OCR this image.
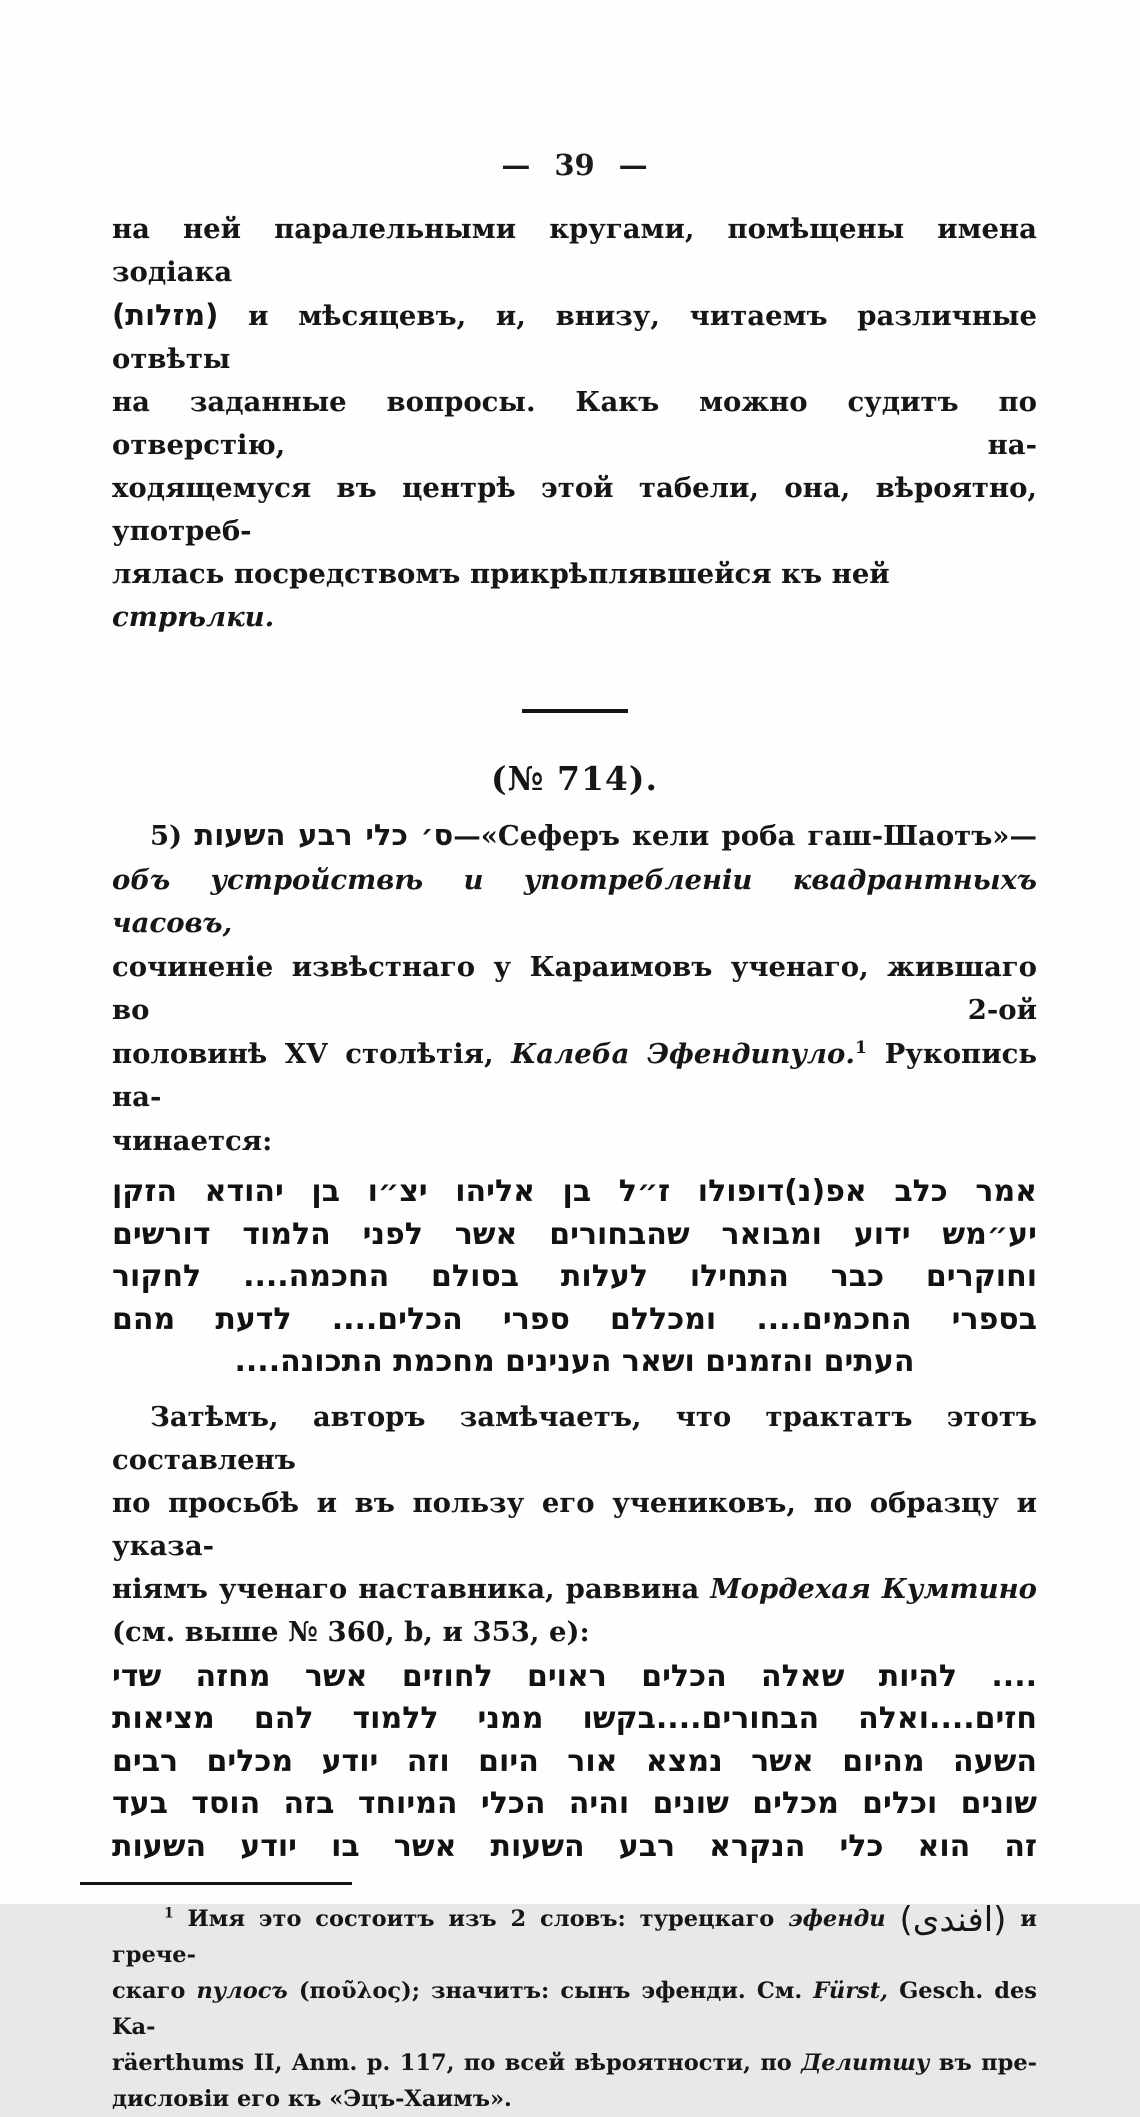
— 39 —
на ней паралельными кругами, помѣщены имена зодіака
(מזלות) и мѣсяцевъ, и, внизу, читаемъ различные отвѣты
на заданные вопросы. Какъ можно судитъ по отверстію, на-
ходящемуся въ центрѣ этой табели, она, вѣроятно, употреб-
лялась посредствомъ прикрѣплявшейся къ ней стрѣлки.
(№ 714).
5) ס׳ כלי רבע השעות—«Сеферъ кели роба гаш-Шаотъ»—
объ устройствѣ и употребленіи квадрантныхъ часовъ,
сочиненіе извѣстнаго у Караимовъ ученаго, жившаго во 2-ой
половинѣ XV столѣтія, Калеба Эфендипуло.$^1$ Рукопись на-
чинается:
אמר כלב אפ(נ)דופולו ז״ל בן אליהו יצ״ו בן יהודא הזקן
יע״מש ידוע ומבואר שהבחורים אשר לפני הלמוד דורשים
וחוקרים כבר התחילו לעלות בסולם החכמה.... לחקור
בספרי החכמים.... ומכללם ספרי הכלים.... לדעת מהם
העתים והזמנים ושאר הענינים מחכמת התכונה....
Затѣмъ, авторъ замѣчаетъ, что трактатъ этотъ составленъ
по просьбѣ и въ пользу его учениковъ, по образцу и указа-
ніямъ ученаго наставника, раввина Мордехая Кумтино
(см. выше № 360, b, и 353, e):
.... להיות שאלה הכלים ראוים לחוזים אשר מחזה שדי
חזים....ואלה הבחורים....בקשו ממני ללמוד להם מציאות
השעה מהיום אשר נמצא אור היום וזה יודע מכלים רבים
שונים וכלים מכלים שונים והיה הכלי המיוחד בזה הוסד בעד
זה הוא כלי הנקרא רבע השעות אשר בו יודע השעות
$^1$ Имя это состоитъ изъ 2 словъ: турецкаго эфенди (افندى) и грече-
скаго пулосъ (ποῦλος); значитъ: сынъ эфенди. См. Fürst, Gesch. des Ka-
räerthums II, Anm. p. 117, по всей вѣроятности, по Делитшу въ пре-
дисловіи его къ «Эцъ-Хаимъ».
